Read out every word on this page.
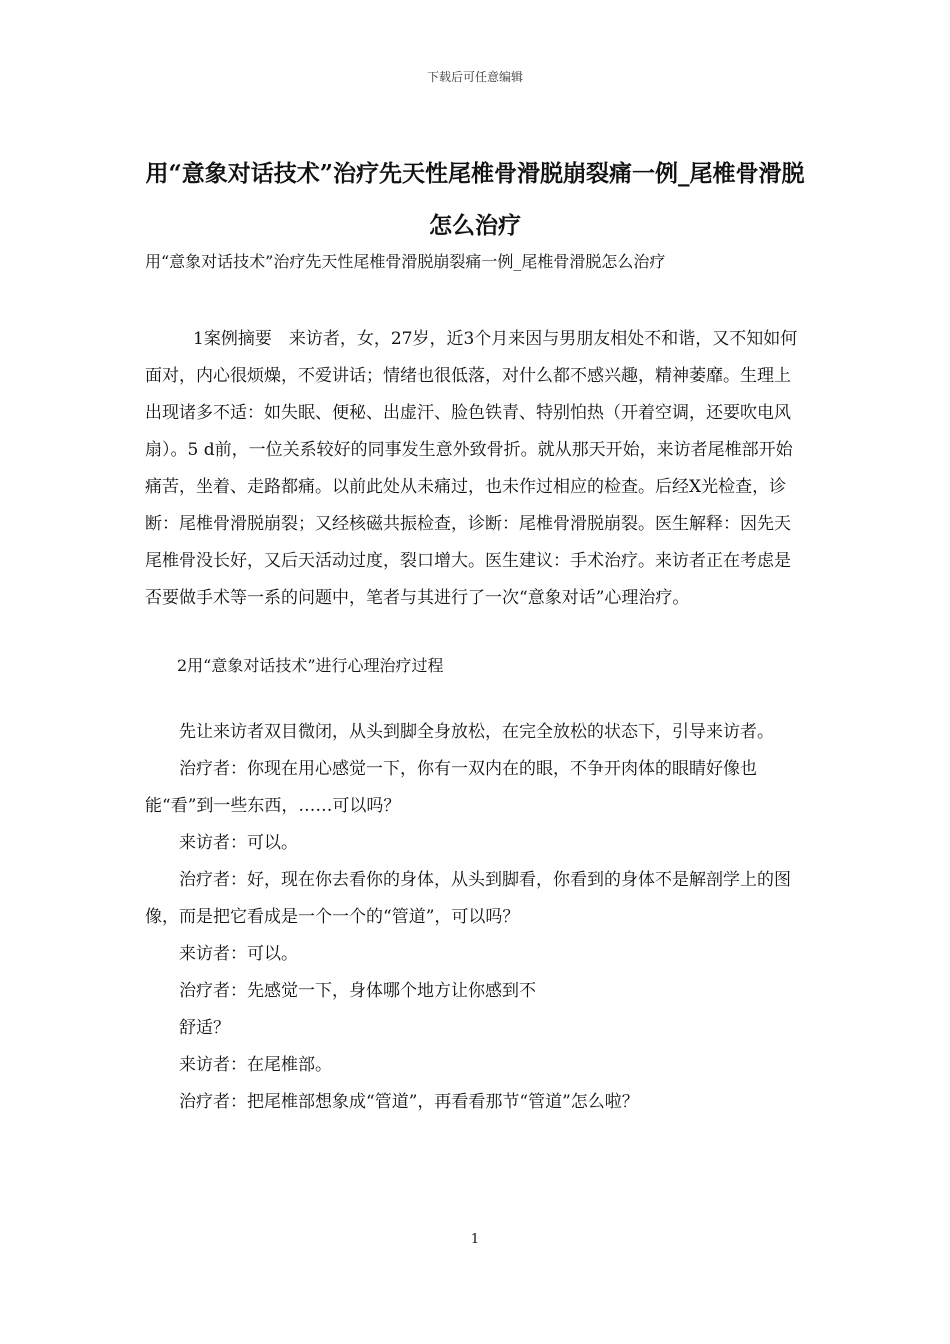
下载后可任意编辑
用“意象对话技术”治疗先天性尾椎骨滑脱崩裂痛一例_尾椎骨滑脱怎么治疗
用“意象对话技术”治疗先天性尾椎骨滑脱崩裂痛一例_尾椎骨滑脱怎么治疗

1案例摘要　来访者，女，27岁，近3个月来因与男朋友相处不和谐，又不知如何面对，内心很烦燥，不爱讲话；情绪也很低落，对什么都不感兴趣，精神萎靡。生理上出现诸多不适：如失眠、便秘、出虚汗、脸色铁青、特别怕热（开着空调，还要吹电风扇）。5 d前，一位关系较好的同事发生意外致骨折。就从那天开始，来访者尾椎部开始痛苦，坐着、走路都痛。以前此处从未痛过，也未作过相应的检查。后经X光检查，诊断：尾椎骨滑脱崩裂；又经核磁共振检查，诊断：尾椎骨滑脱崩裂。医生解释：因先天尾椎骨没长好，又后天活动过度，裂口增大。医生建议：手术治疗。来访者正在考虑是否要做手术等一系的问题中，笔者与其进行了一次“意象对话”心理治疗。

2用“意象对话技术”进行心理治疗过程

先让来访者双目微闭，从头到脚全身放松，在完全放松的状态下，引导来访者。

治疗者：你现在用心感觉一下，你有一双内在的眼，不争开肉体的眼睛好像也能“看”到一些东西，……可以吗？

来访者：可以。

治疗者：好，现在你去看你的身体，从头到脚看，你看到的身体不是解剖学上的图像，而是把它看成是一个一个的“管道”，可以吗？

来访者：可以。

治疗者：先感觉一下，身体哪个地方让你感到不

舒适？

来访者：在尾椎部。

治疗者：把尾椎部想象成“管道”，再看看那节“管道”怎么啦？

1
